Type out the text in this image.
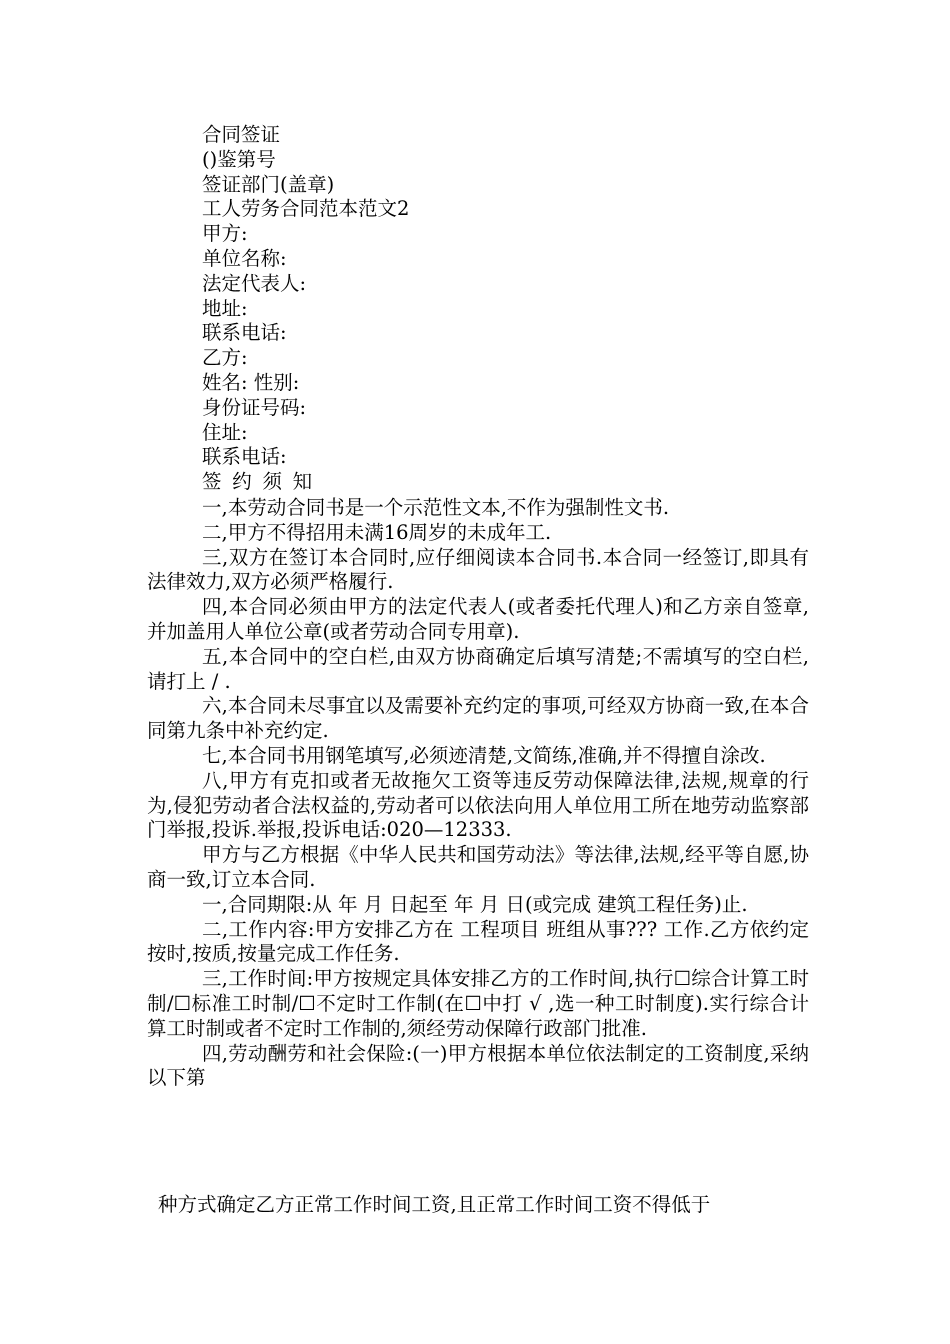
合同签证

()鉴第号

签证部门(盖章)

工人劳务合同范本范文2

甲方:

单位名称:

法定代表人:

地址:

联系电话:

乙方:

姓名: 性别:

身份证号码:

住址:

联系电话:

签约须知

一,本劳动合同书是一个示范性文本,不作为强制性文书.

二,甲方不得招用未满16周岁的未成年工.

三,双方在签订本合同时,应仔细阅读本合同书.本合同一经签订,即具有法律效力,双方必须严格履行.

四,本合同必须由甲方的法定代表人(或者委托代理人)和乙方亲自签章,并加盖用人单位公章(或者劳动合同专用章).

五,本合同中的空白栏,由双方协商确定后填写清楚;不需填写的空白栏,请打上 / .

六,本合同未尽事宜以及需要补充约定的事项,可经双方协商一致,在本合同第九条中补充约定.

七,本合同书用钢笔填写,必须迹清楚,文简练,准确,并不得擅自涂改.

八,甲方有克扣或者无故拖欠工资等违反劳动保障法律,法规,规章的行为,侵犯劳动者合法权益的,劳动者可以依法向用人单位用工所在地劳动监察部门举报,投诉.举报,投诉电话:020—12333.

甲方与乙方根据《中华人民共和国劳动法》等法律,法规,经平等自愿,协商一致,订立本合同.

一,合同期限:从 年 月 日起至 年 月 日(或完成 建筑工程任务)止.

二,工作内容:甲方安排乙方在 工程项目 班组从事??? 工作.乙方依约定按时,按质,按量完成工作任务.

三,工作时间:甲方按规定具体安排乙方的工作时间,执行☐综合计算工时制/☐标准工时制/☐不定时工作制(在☐中打 √ ,选一种工时制度).实行综合计算工时制或者不定时工作制的,须经劳动保障行政部门批准.

四,劳动酬劳和社会保险:(一)甲方根据本单位依法制定的工资制度,采纳以下第

种方式确定乙方正常工作时间工资,且正常工作时间工资不得低于
